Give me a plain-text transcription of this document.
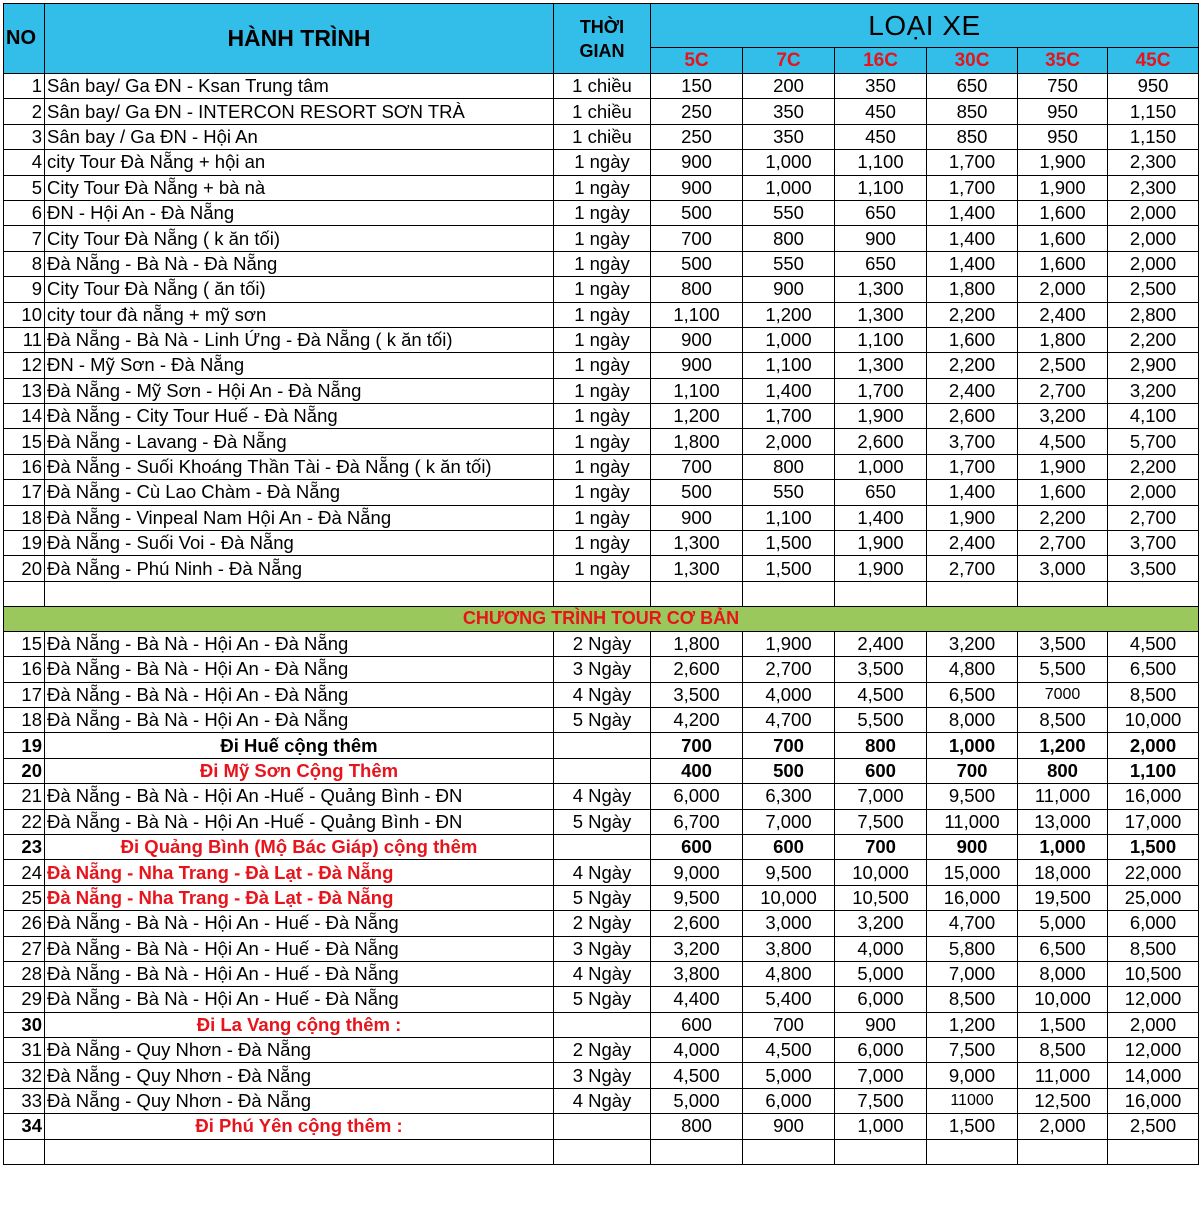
NO	HÀNH TRÌNH	THỜI
GIAN	LOẠI XE					
			5C	7C	16C	30C	35C	45C
1	Sân bay/ Ga ĐN - Ksan Trung tâm	1 chiều	150	200	350	650	750	950
2	Sân bay/ Ga ĐN - INTERCON RESORT SƠN TRÀ	1 chiều	250	350	450	850	950	1,150
3	Sân bay / Ga ĐN - Hội An	1 chiều	250	350	450	850	950	1,150
4	city Tour Đà Nẵng + hội an	1 ngày	900	1,000	1,100	1,700	1,900	2,300
5	City Tour Đà Nẵng + bà nà	1 ngày	900	1,000	1,100	1,700	1,900	2,300
6	ĐN - Hội An - Đà Nẵng	1 ngày	500	550	650	1,400	1,600	2,000
7	City Tour Đà Nẵng ( k ăn tối)	1 ngày	700	800	900	1,400	1,600	2,000
8	Đà Nẵng - Bà Nà - Đà Nẵng	1 ngày	500	550	650	1,400	1,600	2,000
9	City Tour Đà Nẵng ( ăn tối)	1 ngày	800	900	1,300	1,800	2,000	2,500
10	city tour đà nẵng + mỹ sơn	1 ngày	1,100	1,200	1,300	2,200	2,400	2,800
11	Đà Nẵng - Bà Nà - Linh Ứng - Đà Nẵng ( k ăn tối)	1 ngày	900	1,000	1,100	1,600	1,800	2,200
12	ĐN - Mỹ Sơn - Đà Nẵng	1 ngày	900	1,100	1,300	2,200	2,500	2,900
13	Đà Nẵng - Mỹ Sơn - Hội An - Đà Nẵng	1 ngày	1,100	1,400	1,700	2,400	2,700	3,200
14	Đà Nẵng - City Tour Huế - Đà Nẵng	1 ngày	1,200	1,700	1,900	2,600	3,200	4,100
15	Đà Nẵng - Lavang - Đà Nẵng	1 ngày	1,800	2,000	2,600	3,700	4,500	5,700
16	Đà Nẵng - Suối Khoáng Thần Tài - Đà Nẵng ( k ăn tối)	1 ngày	700	800	1,000	1,700	1,900	2,200
17	Đà Nẵng - Cù Lao Chàm - Đà Nẵng	1 ngày	500	550	650	1,400	1,600	2,000
18	Đà Nẵng - Vinpeal Nam Hội An - Đà Nẵng	1 ngày	900	1,100	1,400	1,900	2,200	2,700
19	Đà Nẵng - Suối Voi - Đà Nẵng	1 ngày	1,300	1,500	1,900	2,400	2,700	3,700
20	Đà Nẵng - Phú Ninh - Đà Nẵng	1 ngày	1,300	1,500	1,900	2,700	3,000	3,500

CHƯƠNG TRÌNH TOUR CƠ BẢN								
15	Đà Nẵng - Bà Nà - Hội An - Đà Nẵng	2 Ngày	1,800	1,900	2,400	3,200	3,500	4,500
16	Đà Nẵng - Bà Nà - Hội An - Đà Nẵng	3 Ngày	2,600	2,700	3,500	4,800	5,500	6,500
17	Đà Nẵng - Bà Nà - Hội An - Đà Nẵng	4 Ngày	3,500	4,000	4,500	6,500	7000	8,500
18	Đà Nẵng - Bà Nà - Hội An - Đà Nẵng	5 Ngày	4,200	4,700	5,500	8,000	8,500	10,000
19	Đi Huế cộng thêm		700	700	800	1,000	1,200	2,000
20	Đi Mỹ Sơn Cộng Thêm		400	500	600	700	800	1,100
21	Đà Nẵng - Bà Nà - Hội An -Huế - Quảng Bình - ĐN	4 Ngày	6,000	6,300	7,000	9,500	11,000	16,000
22	Đà Nẵng - Bà Nà - Hội An -Huế - Quảng Bình - ĐN	5 Ngày	6,700	7,000	7,500	11,000	13,000	17,000
23	Đi Quảng Bình (Mộ Bác Giáp) cộng thêm		600	600	700	900	1,000	1,500
24	Đà Nẵng - Nha Trang - Đà Lạt - Đà Nẵng	4 Ngày	9,000	9,500	10,000	15,000	18,000	22,000
25	Đà Nẵng - Nha Trang - Đà Lạt - Đà Nẵng	5 Ngày	9,500	10,000	10,500	16,000	19,500	25,000
26	Đà Nẵng - Bà Nà - Hội An - Huế - Đà Nẵng	2 Ngày	2,600	3,000	3,200	4,700	5,000	6,000
27	Đà Nẵng - Bà Nà - Hội An - Huế - Đà Nẵng	3 Ngày	3,200	3,800	4,000	5,800	6,500	8,500
28	Đà Nẵng - Bà Nà - Hội An - Huế - Đà Nẵng	4 Ngày	3,800	4,800	5,000	7,000	8,000	10,500
29	Đà Nẵng - Bà Nà - Hội An - Huế - Đà Nẵng	5 Ngày	4,400	5,400	6,000	8,500	10,000	12,000
30	Đi La Vang cộng thêm :		600	700	900	1,200	1,500	2,000
31	Đà Nẵng - Quy Nhơn - Đà Nẵng	2 Ngày	4,000	4,500	6,000	7,500	8,500	12,000
32	Đà Nẵng - Quy Nhơn - Đà Nẵng	3 Ngày	4,500	5,000	7,000	9,000	11,000	14,000
33	Đà Nẵng - Quy Nhơn - Đà Nẵng	4 Ngày	5,000	6,000	7,500	11000	12,500	16,000
34	Đi Phú Yên cộng thêm :		800	900	1,000	1,500	2,000	2,500
